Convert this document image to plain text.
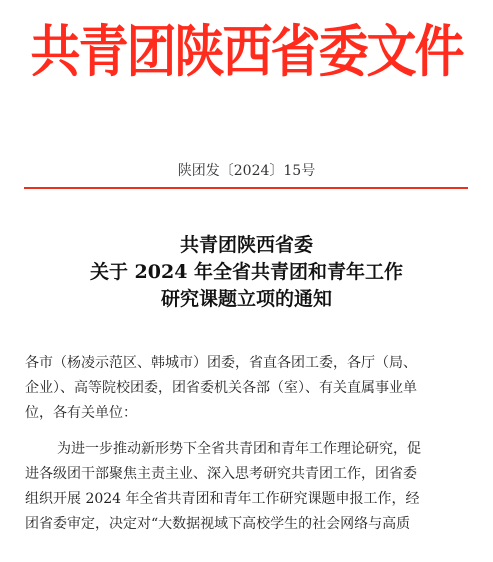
共青团陕西省委文件
陕团发〔2024〕15号
共青团陕西省委
关于 2024 年全省共青团和青年工作
研究课题立项的通知
各市（杨凌示范区、韩城市）团委，省直各团工委，各厅（局、
企业）、高等院校团委，团省委机关各部（室）、有关直属事业单
位，各有关单位：
为进一步推动新形势下全省共青团和青年工作理论研究，促
进各级团干部聚焦主责主业、深入思考研究共青团工作，团省委
组织开展 2024 年全省共青团和青年工作研究课题申报工作，经
团省委审定，决定对“大数据视域下高校学生的社会网络与高质
